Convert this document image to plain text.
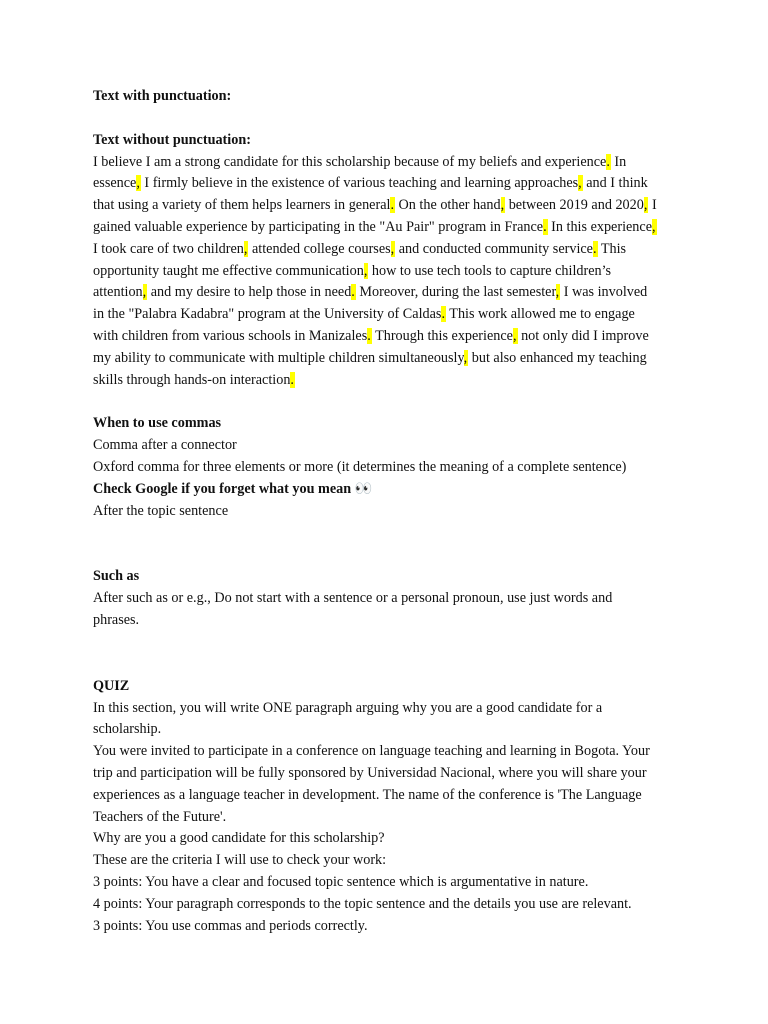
Text with punctuation:
Text without punctuation:
I believe I am a strong candidate for this scholarship because of my beliefs and experience. In
essence, I firmly believe in the existence of various teaching and learning approaches, and I think
that using a variety of them helps learners in general. On the other hand, between 2019 and 2020, I
gained valuable experience by participating in the "Au Pair" program in France. In this experience,
I took care of two children, attended college courses, and conducted community service. This
opportunity taught me effective communication, how to use tech tools to capture children’s
attention, and my desire to help those in need. Moreover, during the last semester, I was involved
in the "Palabra Kadabra" program at the University of Caldas. This work allowed me to engage
with children from various schools in Manizales. Through this experience, not only did I improve
my ability to communicate with multiple children simultaneously, but also enhanced my teaching
skills through hands-on interaction.
When to use commas
Comma after a connector
Oxford comma for three elements or more (it determines the meaning of a complete sentence)
Check Google if you forget what you mean 👀
After the topic sentence
Such as
After such as or e.g., Do not start with a sentence or a personal pronoun, use just words and
phrases.
QUIZ
In this section, you will write ONE paragraph arguing why you are a good candidate for a
scholarship.
You were invited to participate in a conference on language teaching and learning in Bogota. Your
trip and participation will be fully sponsored by Universidad Nacional, where you will share your
experiences as a language teacher in development. The name of the conference is 'The Language
Teachers of the Future'.
Why are you a good candidate for this scholarship?
These are the criteria I will use to check your work:
3 points: You have a clear and focused topic sentence which is argumentative in nature.
4 points: Your paragraph corresponds to the topic sentence and the details you use are relevant.
3 points: You use commas and periods correctly.
